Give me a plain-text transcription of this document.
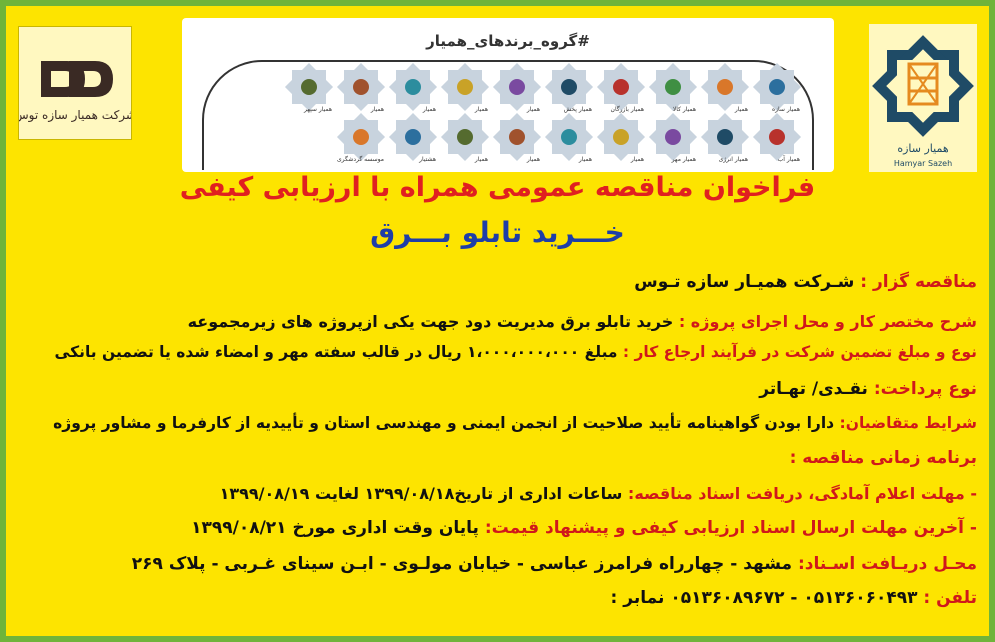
شرکت همیار سازه توس
#گروه_برندهای_همیار
همیار سازه
همیار
همیار کالا
همیار بازرگان
همیار پخش
همیار
همیار
همیار
همیار
همیار سپهر
همیار آب
همیار انرژی
همیار مهر
همیار
همیار
همیار
همیار
هشتیار
موسسه گردشگری
همیار سازه
Hamyar Sazeh
فراخوان مناقصه عمومی همراه با ارزیابی کیفی
خـــرید تابلو بـــرق
مناقصه گزار : شـرکت همیـار سازه تـوس
شرح مختصر کار و محل اجرای پروژه : خرید تابلو برق مدیریت دود جهت یکی ازپروژه های زیرمجموعه
نوع و مبلغ تضمین شرکت در فرآیند ارجاع کار : مبلغ ۱،۰۰۰،۰۰۰،۰۰۰ ریال در قالب سفته مهر و امضاء شده یا تضمین بانکی
نوع پرداخت: نقـدی/ تهـاتر
شرایط متقاضیان: دارا بودن گواهینامه تأیید صلاحیت از انجمن ایمنی و مهندسی استان و تأییدیه از کارفرما و مشاور پروژه
برنامه زمانی مناقصه :
- مهلت اعلام آمادگی، دریافت اسناد مناقصه: ساعات اداری از تاریخ۱۳۹۹/۰۸/۱۸ لغایت ۱۳۹۹/۰۸/۱۹
- آخرین مهلت ارسال اسناد ارزیابی کیفی و پیشنهاد قیمت: پایان وقت اداری مورخ ۱۳۹۹/۰۸/۲۱
محـل دریـافت اسـناد: مشهد - چهارراه فرامرز عباسی - خیابان مولـوی - ابـن سینای غـربی - پلاک ۲۶۹
تلفن : ۰۵۱۳۶۰۶۰۴۹۳ - ۰۵۱۳۶۰۸۹۶۷۲ نمابر :
